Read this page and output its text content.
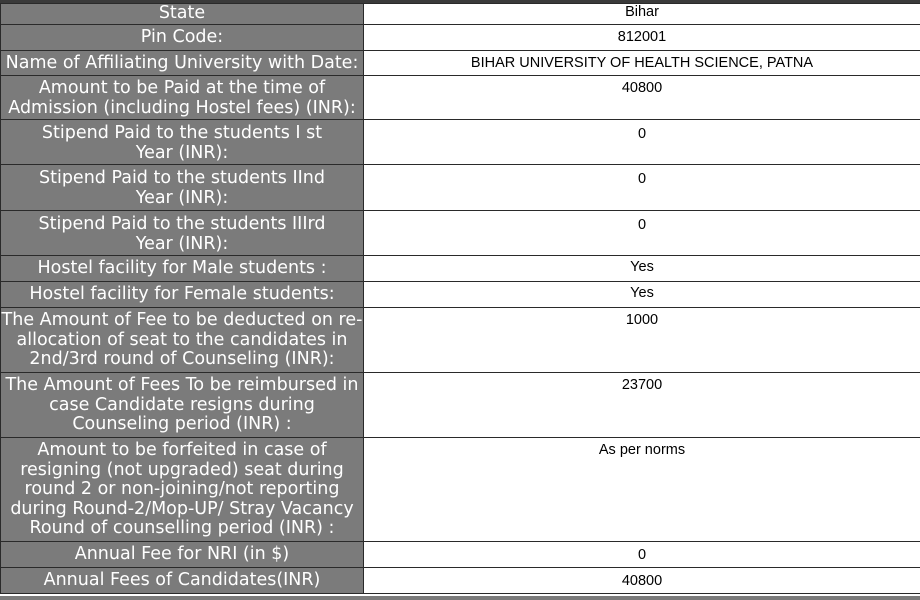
State	Bihar

Pin Code:	812001

Name of Affiliating University with Date:	BIHAR UNIVERSITY OF HEALTH SCIENCE, PATNA

Amount to be Paid at the time of Admission (including Hostel fees) (INR):	40800

Stipend Paid to the students I st Year (INR):	0

Stipend Paid to the students IInd Year (INR):	0

Stipend Paid to the students IIIrd Year (INR):	0

Hostel facility for Male students :	Yes

Hostel facility for Female students:	Yes

The Amount of Fee to be deducted on re-allocation of seat to the candidates in 2nd/3rd round of Counseling (INR):	1000

The Amount of Fees To be reimbursed in case Candidate resigns during Counseling period (INR) :	23700

Amount to be forfeited in case of resigning (not upgraded) seat during round 2 or non-joining/not reporting during Round-2/Mop-UP/ Stray Vacancy Round of counselling period (INR) :	As per norms

Annual Fee for NRI (in $)	0

Annual Fees of Candidates(INR)	40800
